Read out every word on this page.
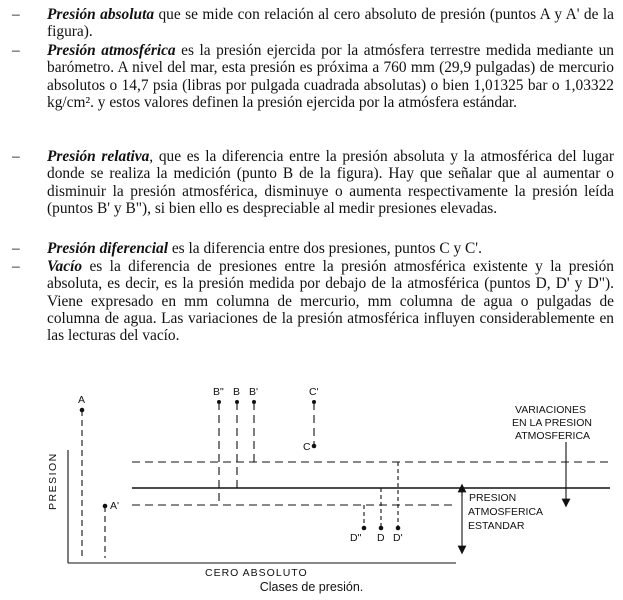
– Presión absoluta que se mide con relación al cero absoluto de presión (puntos A y A' de la figura).
– Presión atmosférica es la presión ejercida por la atmósfera terrestre medida mediante un barómetro. A nivel del mar, esta presión es próxima a 760 mm (29,9 pulgadas) de mercurio absolutos o 14,7 psia (libras por pulgada cuadrada absolutas) o bien 1,01325 bar o 1,03322 kg/cm². y estos valores definen la presión ejercida por la atmósfera estándar.
– Presión relativa, que es la diferencia entre la presión absoluta y la atmosférica del lugar donde se realiza la medición (punto B de la figura). Hay que señalar que al aumentar o disminuir la presión atmosférica, disminuye o aumenta respectivamente la presión leída (puntos B' y B"), si bien ello es despreciable al medir presiones elevadas.
– Presión diferencial es la diferencia entre dos presiones, puntos C y C'.
– Vacío es la diferencia de presiones entre la presión atmosférica existente y la presión absoluta, es decir, es la presión medida por debajo de la atmosférica (puntos D, D' y D"). Viene expresado en mm columna de mercurio, mm columna de agua o pulgadas de columna de agua. Las variaciones de la presión atmosférica influyen considerablemente en las lecturas del vacío.
A
A'
B" B B'	C'
C
D" D D'
VARIACIONES
EN LA PRESION
ATMOSFERICA
PRESION
ATMOSFERICA
ESTANDAR
CERO ABSOLUTO
PRESION
Clases de presión.
